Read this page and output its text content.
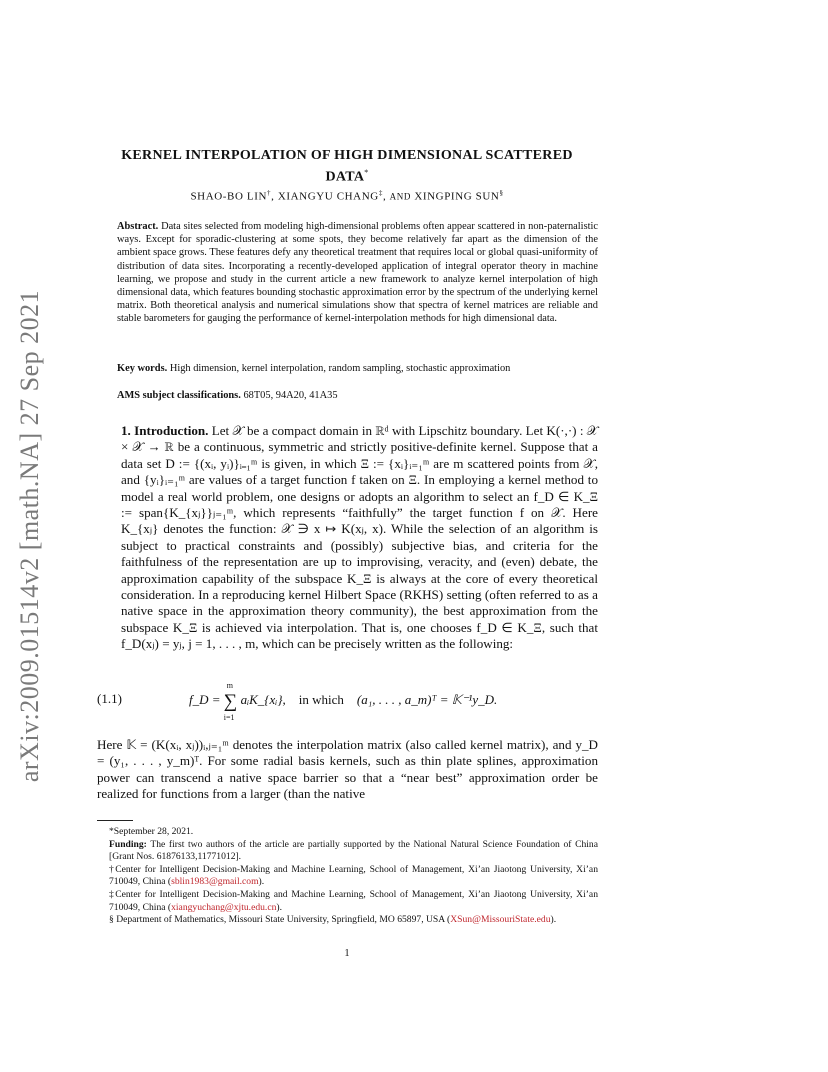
arXiv:2009.01514v2 [math.NA] 27 Sep 2021
KERNEL INTERPOLATION OF HIGH DIMENSIONAL SCATTERED
DATA*
SHAO-BO LIN†, XIANGYU CHANG‡, AND XINGPING SUN§
Abstract. Data sites selected from modeling high-dimensional problems often appear scattered in non-paternalistic ways. Except for sporadic-clustering at some spots, they become relatively far apart as the dimension of the ambient space grows. These features defy any theoretical treatment that requires local or global quasi-uniformity of distribution of data sites. Incorporating a recently-developed application of integral operator theory in machine learning, we propose and study in the current article a new framework to analyze kernel interpolation of high dimensional data, which features bounding stochastic approximation error by the spectrum of the underlying kernel matrix. Both theoretical analysis and numerical simulations show that spectra of kernel matrices are reliable and stable barometers for gauging the performance of kernel-interpolation methods for high dimensional data.
Key words. High dimension, kernel interpolation, random sampling, stochastic approximation
AMS subject classifications. 68T05, 94A20, 41A35
1. Introduction. Let 𝒳 be a compact domain in ℝᵈ with Lipschitz boundary. Let K(·,·) : 𝒳 × 𝒳 → ℝ be a continuous, symmetric and strictly positive-definite kernel. Suppose that a data set D := {(xᵢ, yᵢ)}ᵢ₌₁ᵐ is given, in which Ξ := {xᵢ}ᵢ₌₁ᵐ are m scattered points from 𝒳, and {yᵢ}ᵢ₌₁ᵐ are values of a target function f taken on Ξ. In employing a kernel method to model a real world problem, one designs or adopts an algorithm to select an f_D ∈ K_Ξ := span{K_{xⱼ}}ⱼ₌₁ᵐ, which represents “faithfully” the target function f on 𝒳. Here K_{xⱼ} denotes the function: 𝒳 ∋ x ↦ K(xⱼ, x). While the selection of an algorithm is subject to practical constraints and (possibly) subjective bias, and criteria for the faithfulness of the representation are up to improvising, veracity, and (even) debate, the approximation capability of the subspace K_Ξ is always at the core of every theoretical consideration. In a reproducing kernel Hilbert Space (RKHS) setting (often referred to as a native space in the approximation theory community), the best approximation from the subspace K_Ξ is achieved via interpolation. That is, one chooses f_D ∈ K_Ξ, such that f_D(xⱼ) = yⱼ, j = 1, . . . , m, which can be precisely written as the following:
(1.1)	f_D = ∑
m
i=1
aᵢK_{xᵢ}, in which (a₁, . . . , a_m)ᵀ = 𝕂⁻¹y_D.
Here 𝕂 = (K(xᵢ, xⱼ))ᵢ,ⱼ₌₁ᵐ denotes the interpolation matrix (also called kernel matrix), and y_D = (y₁, . . . , y_m)ᵀ. For some radial basis kernels, such as thin plate splines, approximation power can transcend a native space barrier so that a “near best” approximation order be realized for functions from a larger (than the native

*September 28, 2021.

Funding: The first two authors of the article are partially supported by the National Natural Science Foundation of China [Grant Nos. 61876133,11771012].

†Center for Intelligent Decision-Making and Machine Learning, School of Management, Xi’an Jiaotong University, Xi’an 710049, China (sblin1983@gmail.com).

‡Center for Intelligent Decision-Making and Machine Learning, School of Management, Xi’an Jiaotong University, Xi’an 710049, China (xiangyuchang@xjtu.edu.cn).

§ Department of Mathematics, Missouri State University, Springfield, MO 65897, USA (XSun@MissouriState.edu).

1
